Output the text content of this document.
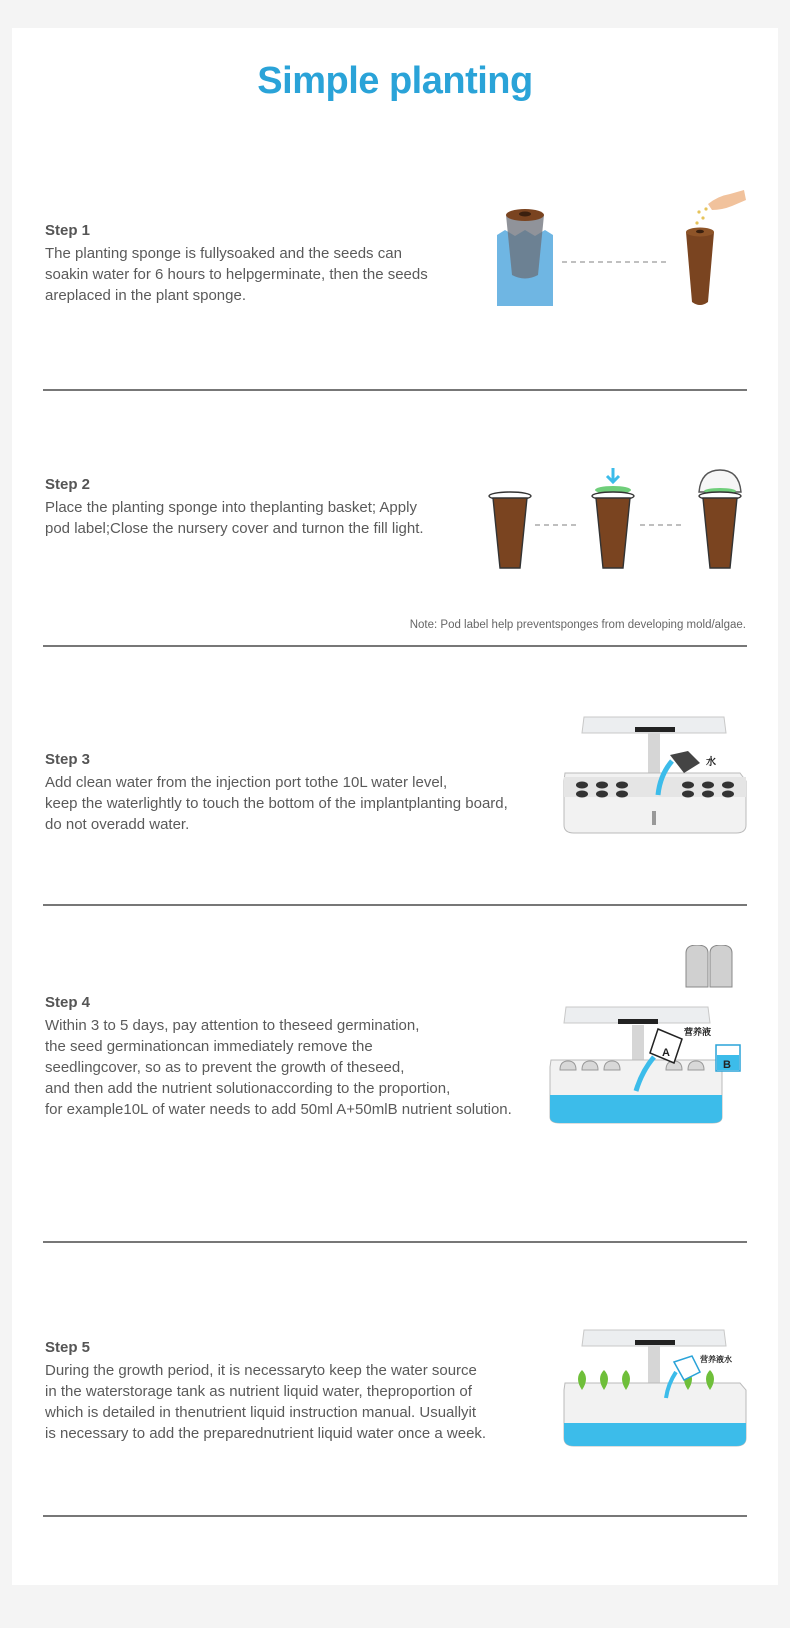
Simple planting
Step 1

The planting sponge is fullysoaked and the seeds can
soakin water for 6 hours to helpgerminate, then the seeds
areplaced in the plant sponge.

Step 2

Place the planting sponge into theplanting basket; Apply
pod label;Close the nursery cover and turnon the fill light.

Note: Pod label help preventsponges from developing mold/algae.
Step 3

Add clean water from the injection port tothe 10L water level,
keep the waterlightly to touch the bottom of the implantplanting board,
do not overadd water.

水
Step 4

Within 3 to 5 days, pay attention to theseed germination,
the seed germinationcan immediately remove the
seedlingcover, so as to prevent the growth of theseed,
and then add the nutrient solutionaccording to the proportion,
for example10L of water needs to add 50ml A+50mlB nutrient solution.

A
B
营养液
Step 5

During the growth period, it is necessaryto keep the water source
in the waterstorage tank as nutrient liquid water, theproportion of
which is detailed in thenutrient liquid instruction manual. Usuallyit
is necessary to add the preparednutrient liquid water once a week.

营养液水
